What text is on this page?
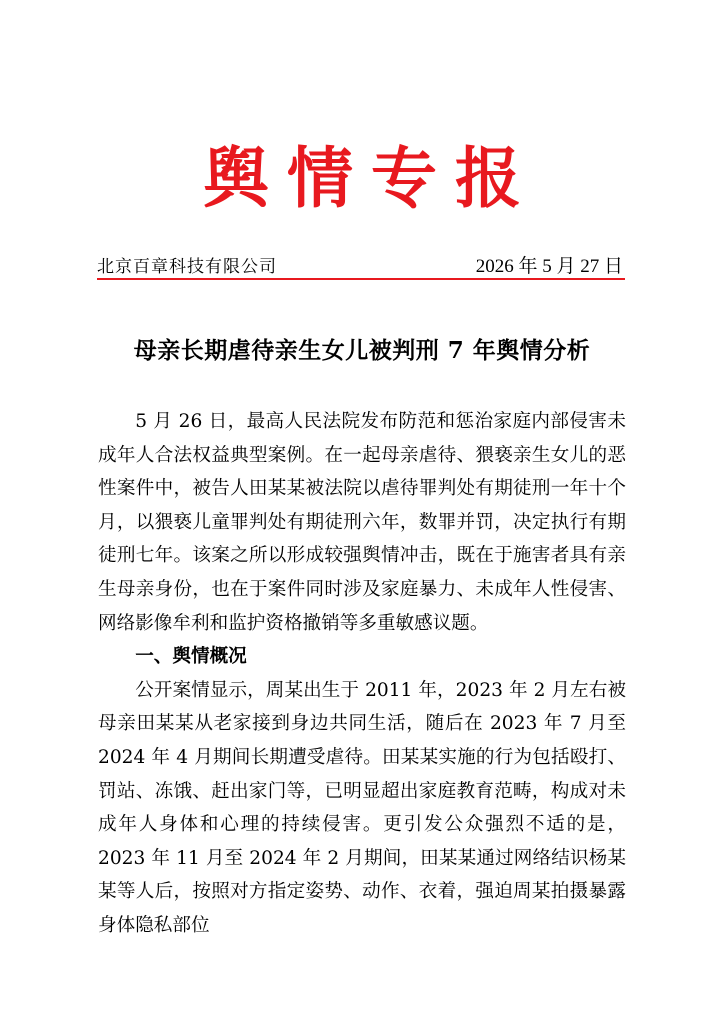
舆情专报
北京百章科技有限公司	2026 年 5 月 27 日
母亲长期虐待亲生女儿被判刑 7 年舆情分析

5 月 26 日，最高人民法院发布防范和惩治家庭内部侵害未成年人合法权益典型案例。在一起母亲虐待、猥亵亲生女儿的恶性案件中，被告人田某某被法院以虐待罪判处有期徒刑一年十个月，以猥亵儿童罪判处有期徒刑六年，数罪并罚，决定执行有期徒刑七年。该案之所以形成较强舆情冲击，既在于施害者具有亲生母亲身份，也在于案件同时涉及家庭暴力、未成年人性侵害、网络影像牟利和监护资格撤销等多重敏感议题。

一、舆情概况

公开案情显示，周某出生于 2011 年，2023 年 2 月左右被母亲田某某从老家接到身边共同生活，随后在 2023 年 7 月至 2024 年 4 月期间长期遭受虐待。田某某实施的行为包括殴打、罚站、冻饿、赶出家门等，已明显超出家庭教育范畴，构成对未成年人身体和心理的持续侵害。更引发公众强烈不适的是，2023 年 11 月至 2024 年 2 月期间，田某某通过网络结识杨某某等人后，按照对方指定姿势、动作、衣着，强迫周某拍摄暴露身体隐私部位
